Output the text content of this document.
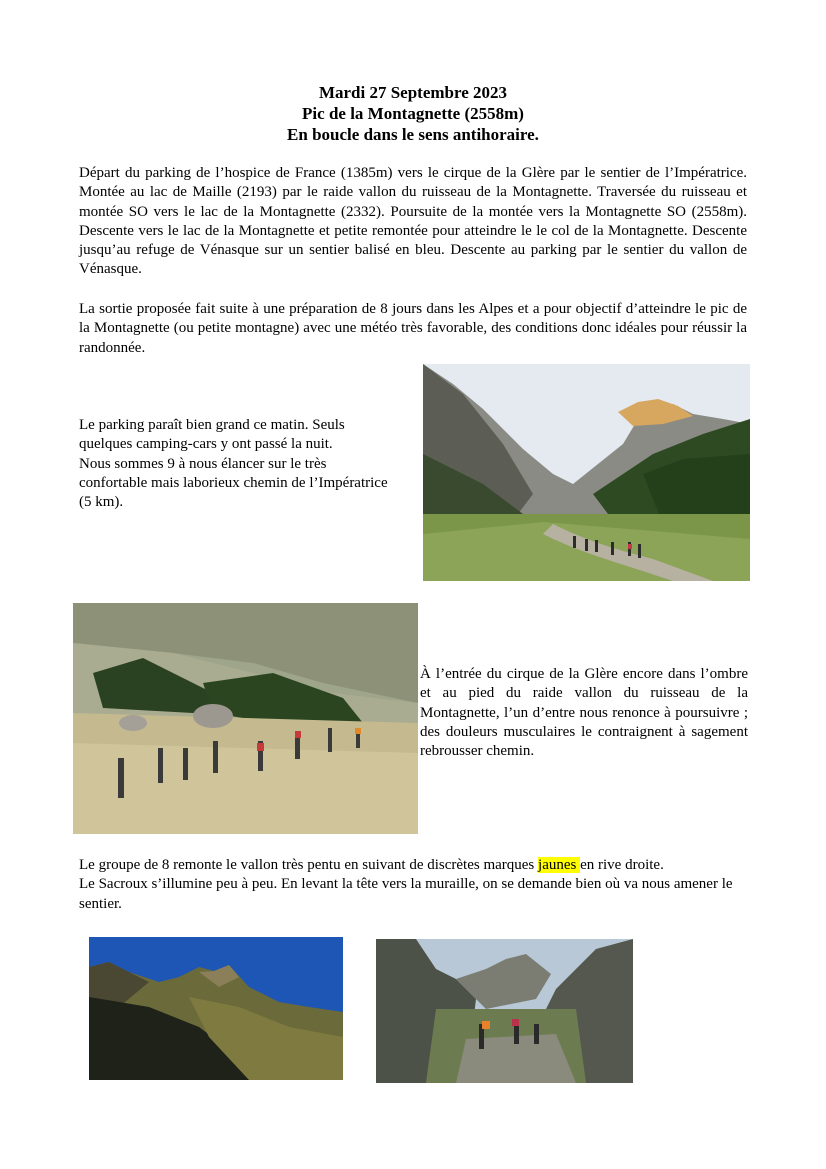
Mardi 27 Septembre 2023
Pic de la Montagnette (2558m)
En boucle dans le sens antihoraire.

Départ du parking de l’hospice de France (1385m) vers le cirque de la Glère par le sentier de l’Impératrice. Montée au lac de Maille (2193) par le raide vallon du ruisseau de la Montagnette. Traversée du ruisseau et montée SO vers le lac de la Montagnette (2332). Poursuite de la montée vers la Montagnette SO (2558m). Descente vers le lac de la Montagnette et petite remontée pour atteindre le le col de la Montagnette. Descente jusqu’au refuge de Vénasque sur un sentier balisé en bleu. Descente au parking par le sentier du vallon de Vénasque.

La sortie proposée fait suite à une préparation de 8 jours dans les Alpes et a pour objectif d’atteindre le pic de la Montagnette (ou petite montagne) avec une météo très favorable, des conditions donc idéales pour réussir la randonnée.

Le parking paraît bien grand ce matin. Seuls
quelques camping-cars y ont passé la nuit.
Nous sommes 9 à nous élancer sur le très
confortable mais laborieux chemin de l’Impératrice
(5 km).

À l’entrée du cirque de la Glère encore dans l’ombre et au pied du raide vallon du ruisseau de la Montagnette, l’un d’entre nous renonce à poursuivre ; des douleurs musculaires le contraignent à sagement rebrousser chemin.

Le groupe de 8 remonte le vallon très pentu en suivant de discrètes marques jaunes en rive droite.
Le Sacroux s’illumine peu à peu. En levant la tête vers la muraille, on se demande bien où va nous amener le sentier.
